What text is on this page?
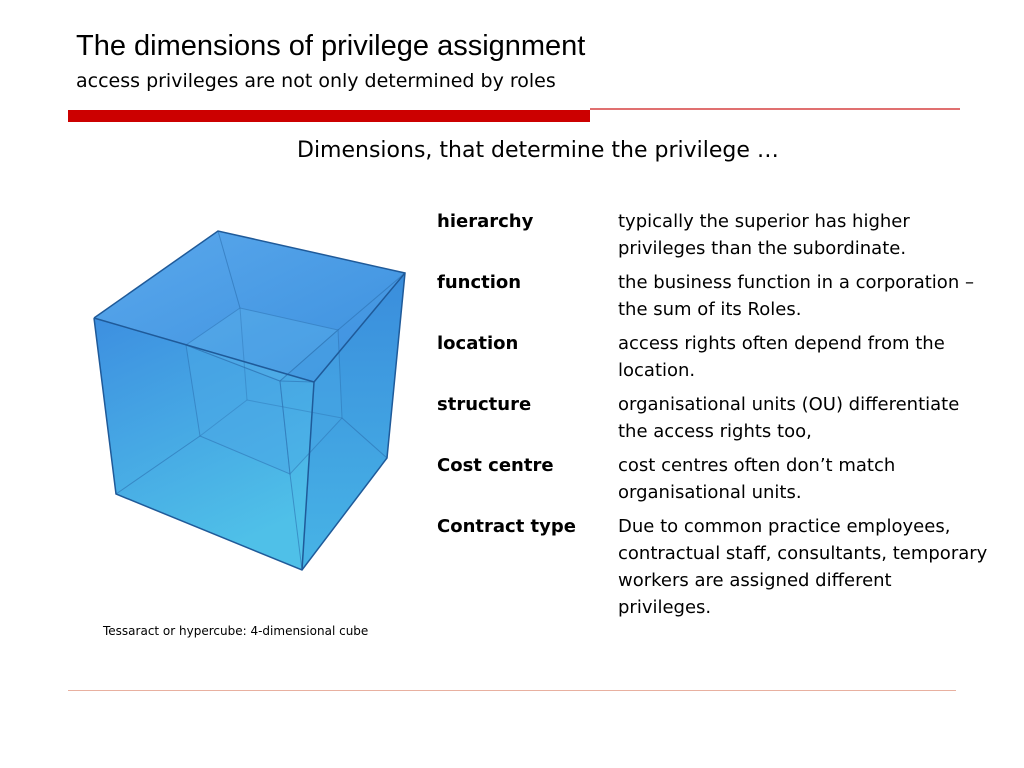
The dimensions of privilege assignment
access privileges are not only determined by roles
Dimensions, that determine the privilege …
Tessaract or hypercube: 4-dimensional cube
hierarchy	typically the superior has higher privileges than the subordinate.
function	the business function in a corporation – the sum of its Roles.
location	access rights often depend from the location.
structure	organisational units (OU) differentiate the access rights too,
Cost centre	cost centres often don’t match organisational units.
Contract type	Due to common practice employees, contractual staff, consultants, temporary workers are assigned different privileges.
